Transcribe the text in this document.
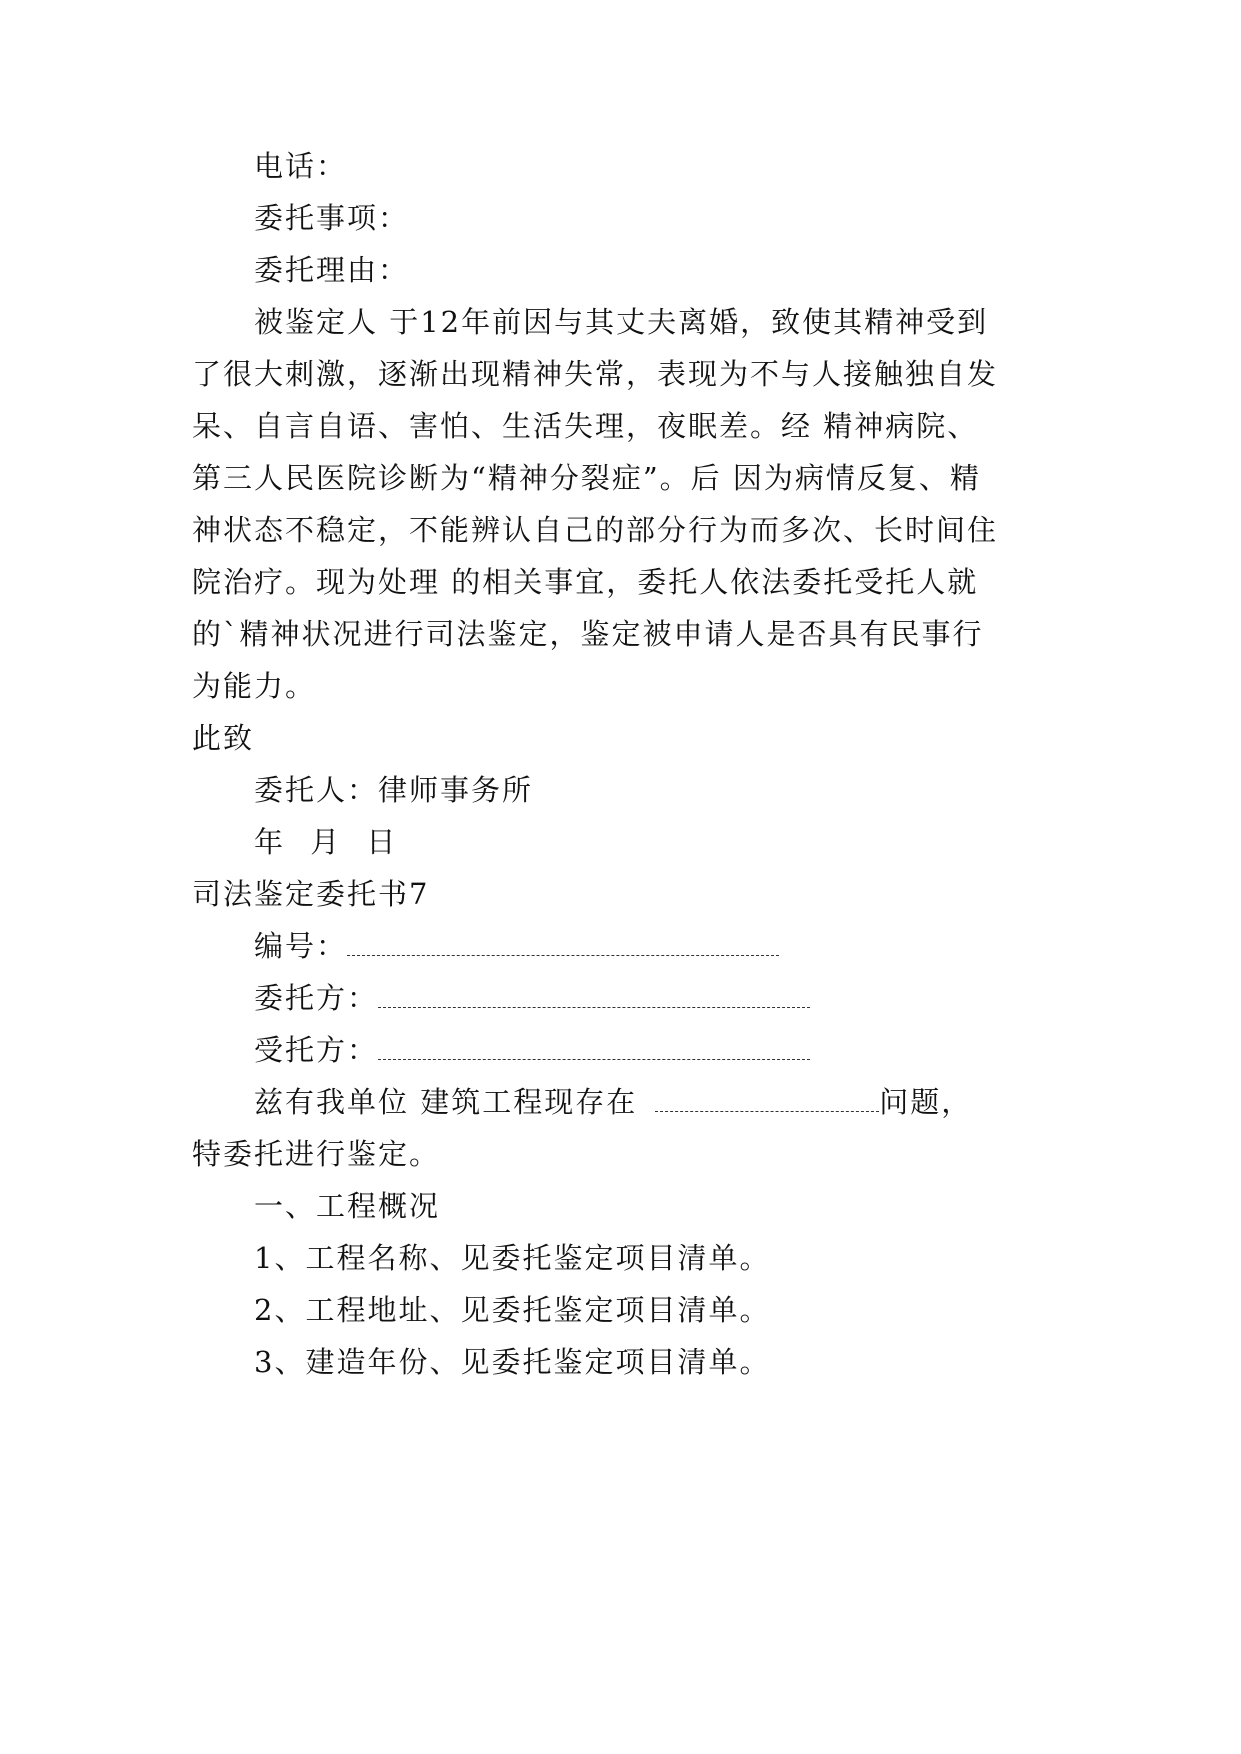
电话：

委托事项：

委托理由：

被鉴定人 于12年前因与其丈夫离婚，致使其精神受到

了很大刺激，逐渐出现精神失常，表现为不与人接触独自发

呆、自言自语、害怕、生活失理，夜眠差。经 精神病院、

第三人民医院诊断为“精神分裂症”。后 因为病情反复、精

神状态不稳定，不能辨认自己的部分行为而多次、长时间住

院治疗。现为处理 的相关事宜，委托人依法委托受托人就

的`精神状况进行司法鉴定，鉴定被申请人是否具有民事行

为能力。

此致

委托人：律师事务所

年 月 日

司法鉴定委托书7

编号：

委托方：

受托方：

兹有我单位 建筑工程现存在	问题，

特委托进行鉴定。

一、工程概况

1、工程名称、见委托鉴定项目清单。

2、工程地址、见委托鉴定项目清单。

3、建造年份、见委托鉴定项目清单。
